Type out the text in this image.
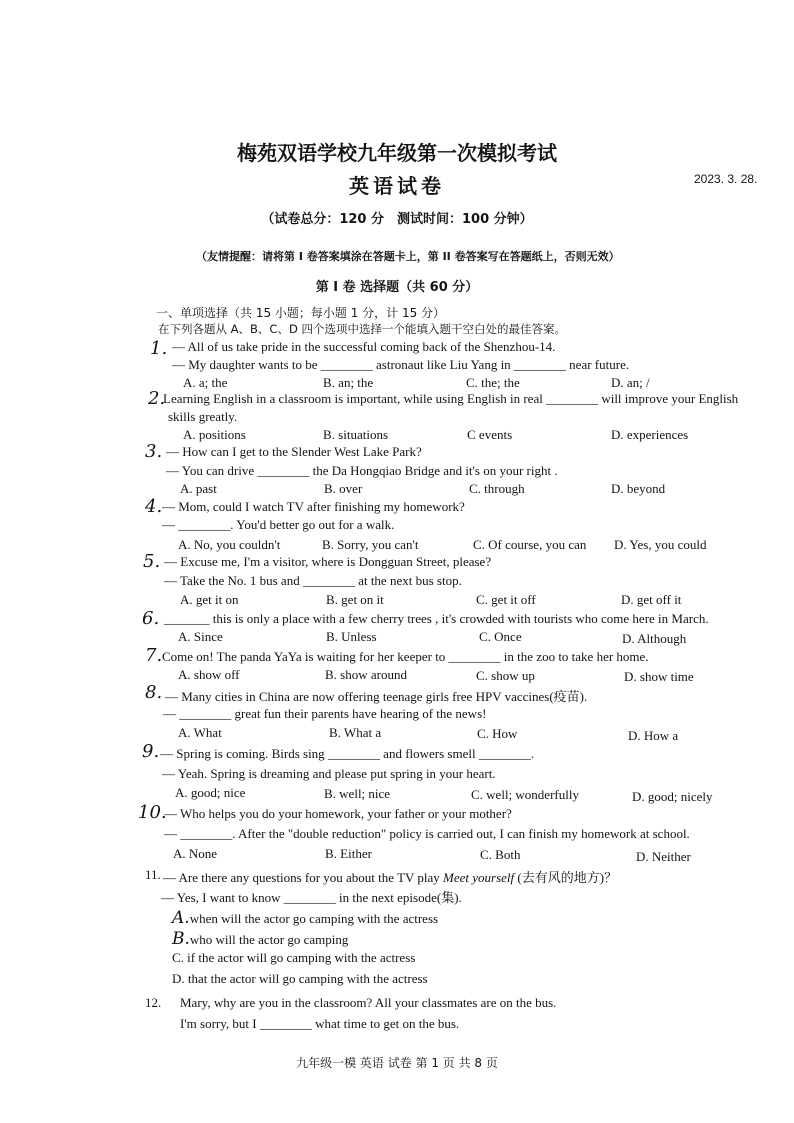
梅苑双语学校九年级第一次模拟考试
英语试卷	2023. 3. 28.
（试卷总分：120 分　测试时间：100 分钟）
（友情提醒：请将第 I 卷答案填涂在答题卡上，第 II 卷答案写在答题纸上，否则无效）
第 I 卷 选择题（共 60 分）
一、单项选择（共 15 小题；每小题 1 分，计 15 分）
在下列各题从 A、B、C、D 四个选项中选择一个能填入题干空白处的最佳答案。
1. — All of us take pride in the successful coming back of the Shenzhou-14.
— My daughter wants to be ________ astronaut like Liu Yang in ________ near future.
A. a; the	B. an; the	C. the; the	D. an; /
2.
Learning English in a classroom is important, while using English in real ________ will improve your English
skills greatly.
A. positions	B. situations	C events	D. experiences
3. — How can I get to the Slender West Lake Park?
— You can drive ________ the Da Hongqiao Bridge and it's on your right .
A. past	B. over	C. through	D. beyond
4. — Mom, could I watch TV after finishing my homework?
— ________. You'd better go out for a walk.
A. No, you couldn't	B. Sorry, you can't	C. Of course, you can D. Yes, you could
5. — Excuse me, I'm a visitor, where is Dongguan Street, please?
— Take the No. 1 bus and ________ at the next bus stop.
A. get it on	B. get on it	C. get it off	D. get off it
6. _______ this is only a place with a few cherry trees , it's crowded with tourists who come here in March.
A. Since	B. Unless	C. Once	D. Although
7. Come on! The panda YaYa is waiting for her keeper to ________ in the zoo to take her home.
A. show off	B. show around	C. show up	D. show time
8. — Many cities in China are now offering teenage girls free HPV vaccines(疫苗).
— ________ great fun their parents have hearing of the news!
A. What	B. What a	C. How	D. How a
9. — Spring is coming. Birds sing ________ and flowers smell ________.
— Yeah. Spring is dreaming and please put spring in your heart.
A. good; nice	B. well; nice	C. well; wonderfully	D. good; nicely
10.
— Who helps you do your homework, your father or your mother?
— ________. After the "double reduction" policy is carried out, I can finish my homework at school.
A. None	B. Either	C. Both	D. Neither
11. — Are there any questions for you about the TV play Meet yourself (去有风的地方)？
— Yes, I want to know ________ in the next episode(集).
A.when will the actor go camping with the actress
B.who will the actor go camping
C. if the actor will go camping with the actress
D. that the actor will go camping with the actress
12. Mary, why are you in the classroom? All your classmates are on the bus.
I'm sorry, but I ________ what time to get on the bus.
九年级一模 英语 试卷 第 1 页 共 8 页
